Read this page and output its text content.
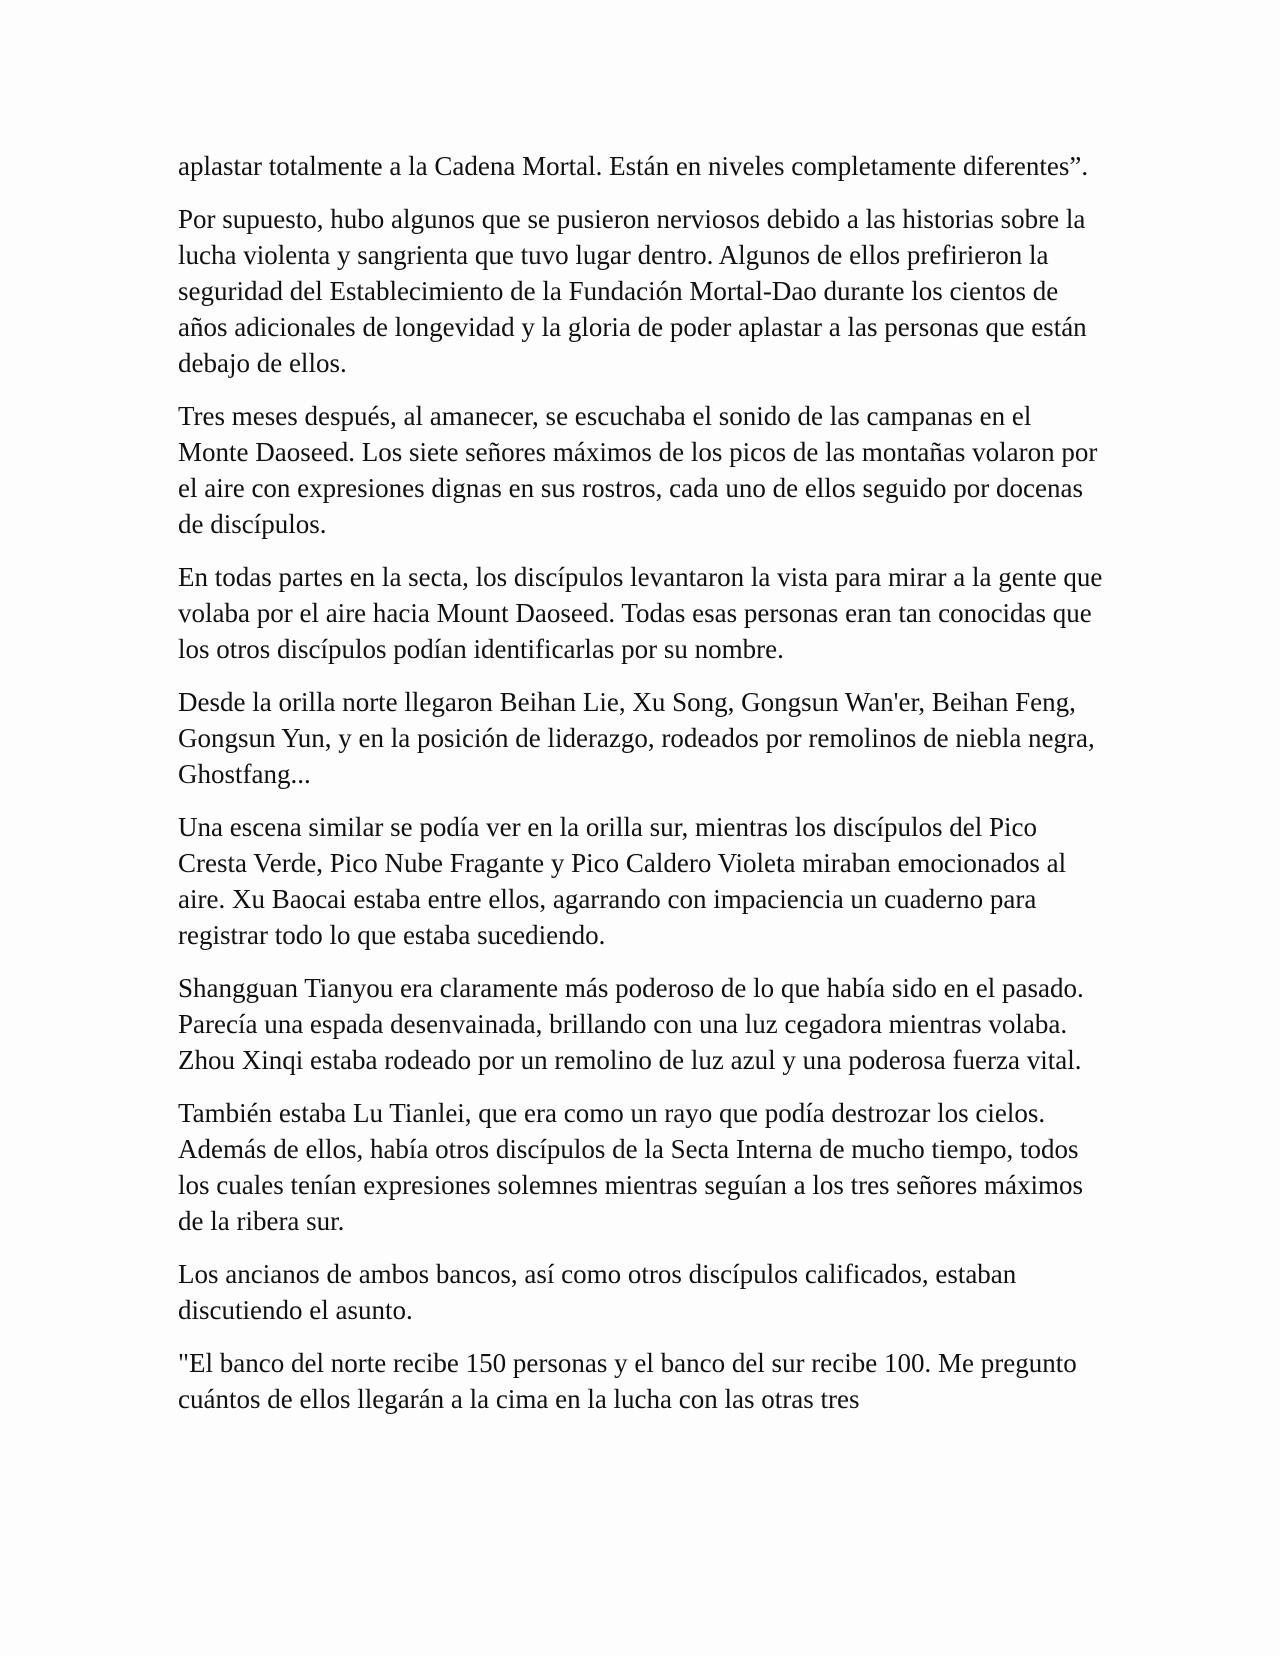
aplastar totalmente a la Cadena Mortal. Están en niveles completamente diferentes”.

Por supuesto, hubo algunos que se pusieron nerviosos debido a las historias sobre la lucha violenta y sangrienta que tuvo lugar dentro. Algunos de ellos prefirieron la seguridad del Establecimiento de la Fundación Mortal-Dao durante los cientos de años adicionales de longevidad y la gloria de poder aplastar a las personas que están debajo de ellos.

Tres meses después, al amanecer, se escuchaba el sonido de las campanas en el Monte Daoseed. Los siete señores máximos de los picos de las montañas volaron por el aire con expresiones dignas en sus rostros, cada uno de ellos seguido por docenas de discípulos.

En todas partes en la secta, los discípulos levantaron la vista para mirar a la gente que volaba por el aire hacia Mount Daoseed. Todas esas personas eran tan conocidas que los otros discípulos podían identificarlas por su nombre.

Desde la orilla norte llegaron Beihan Lie, Xu Song, Gongsun Wan'er, Beihan Feng, Gongsun Yun, y en la posición de liderazgo, rodeados por remolinos de niebla negra, Ghostfang...

Una escena similar se podía ver en la orilla sur, mientras los discípulos del Pico Cresta Verde, Pico Nube Fragante y Pico Caldero Violeta miraban emocionados al aire. Xu Baocai estaba entre ellos, agarrando con impaciencia un cuaderno para registrar todo lo que estaba sucediendo.

Shangguan Tianyou era claramente más poderoso de lo que había sido en el pasado. Parecía una espada desenvainada, brillando con una luz cegadora mientras volaba. Zhou Xinqi estaba rodeado por un remolino de luz azul y una poderosa fuerza vital.

También estaba Lu Tianlei, que era como un rayo que podía destrozar los cielos. Además de ellos, había otros discípulos de la Secta Interna de mucho tiempo, todos los cuales tenían expresiones solemnes mientras seguían a los tres señores máximos de la ribera sur.

Los ancianos de ambos bancos, así como otros discípulos calificados, estaban discutiendo el asunto.

"El banco del norte recibe 150 personas y el banco del sur recibe 100. Me pregunto cuántos de ellos llegarán a la cima en la lucha con las otras tres
